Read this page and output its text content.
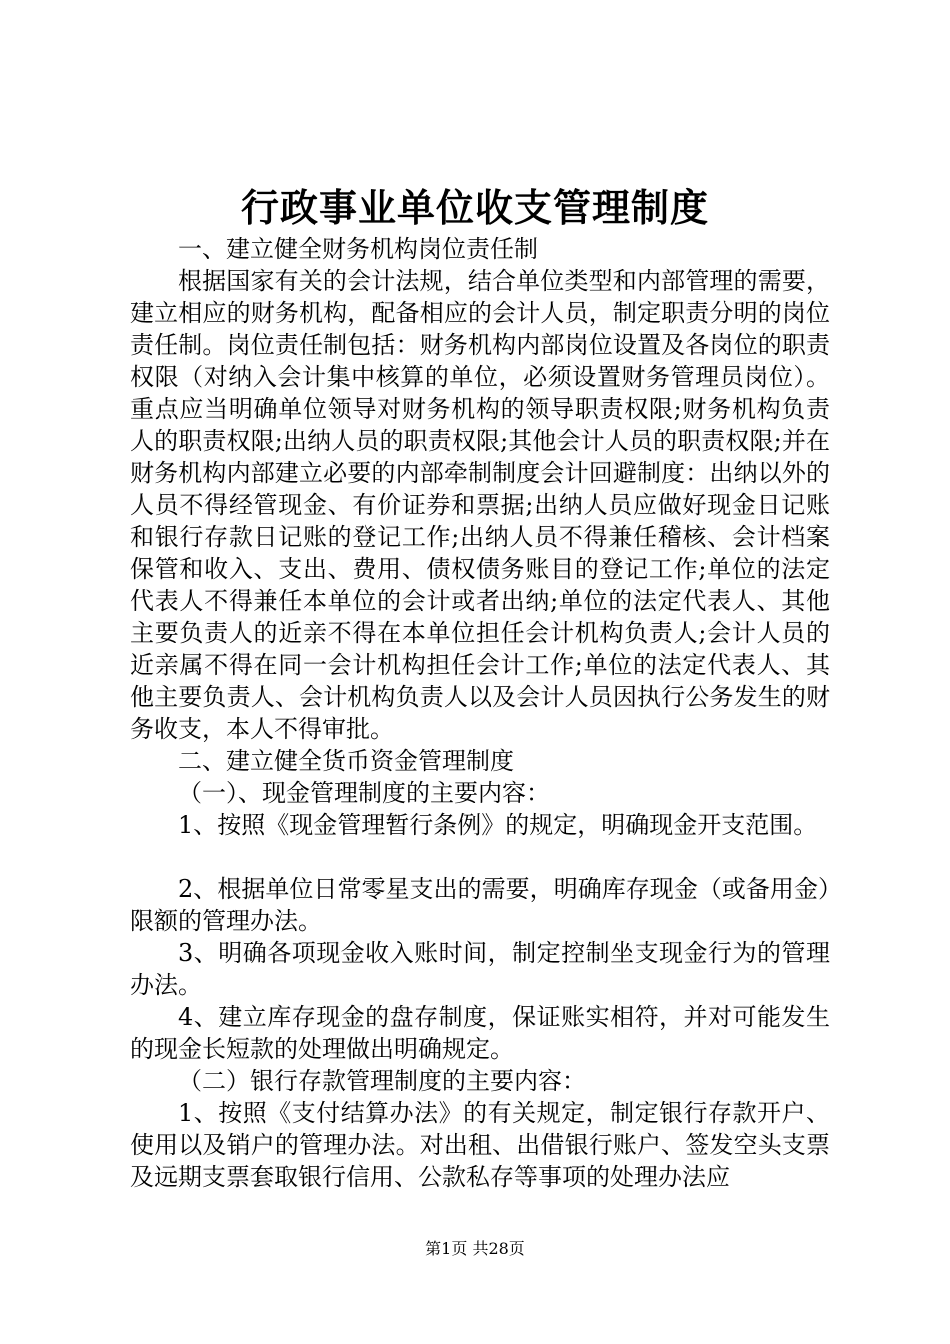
行政事业单位收支管理制度

一、建立健全财务机构岗位责任制

根据国家有关的会计法规，结合单位类型和内部管理的需要，建立相应的财务机构，配备相应的会计人员，制定职责分明的岗位责任制。岗位责任制包括：财务机构内部岗位设置及各岗位的职责权限（对纳入会计集中核算的单位，必须设置财务管理员岗位）。重点应当明确单位领导对财务机构的领导职责权限;财务机构负责人的职责权限;出纳人员的职责权限;其他会计人员的职责权限;并在财务机构内部建立必要的内部牵制制度会计回避制度：出纳以外的人员不得经管现金、有价证券和票据;出纳人员应做好现金日记账和银行存款日记账的登记工作;出纳人员不得兼任稽核、会计档案保管和收入、支出、费用、债权债务账目的登记工作;单位的法定代表人不得兼任本单位的会计或者出纳;单位的法定代表人、其他主要负责人的近亲不得在本单位担任会计机构负责人;会计人员的近亲属不得在同一会计机构担任会计工作;单位的法定代表人、其他主要负责人、会计机构负责人以及会计人员因执行公务发生的财务收支，本人不得审批。

二、建立健全货币资金管理制度

（一）、现金管理制度的主要内容：

1、按照《现金管理暂行条例》的规定，明确现金开支范围。

2、根据单位日常零星支出的需要，明确库存现金（或备用金）限额的管理办法。

3、明确各项现金收入账时间，制定控制坐支现金行为的管理办法。

4、建立库存现金的盘存制度，保证账实相符，并对可能发生的现金长短款的处理做出明确规定。

（二）银行存款管理制度的主要内容：

1、按照《支付结算办法》的有关规定，制定银行存款开户、使用以及销户的管理办法。对出租、出借银行账户、签发空头支票及远期支票套取银行信用、公款私存等事项的处理办法应

第1页 共28页
